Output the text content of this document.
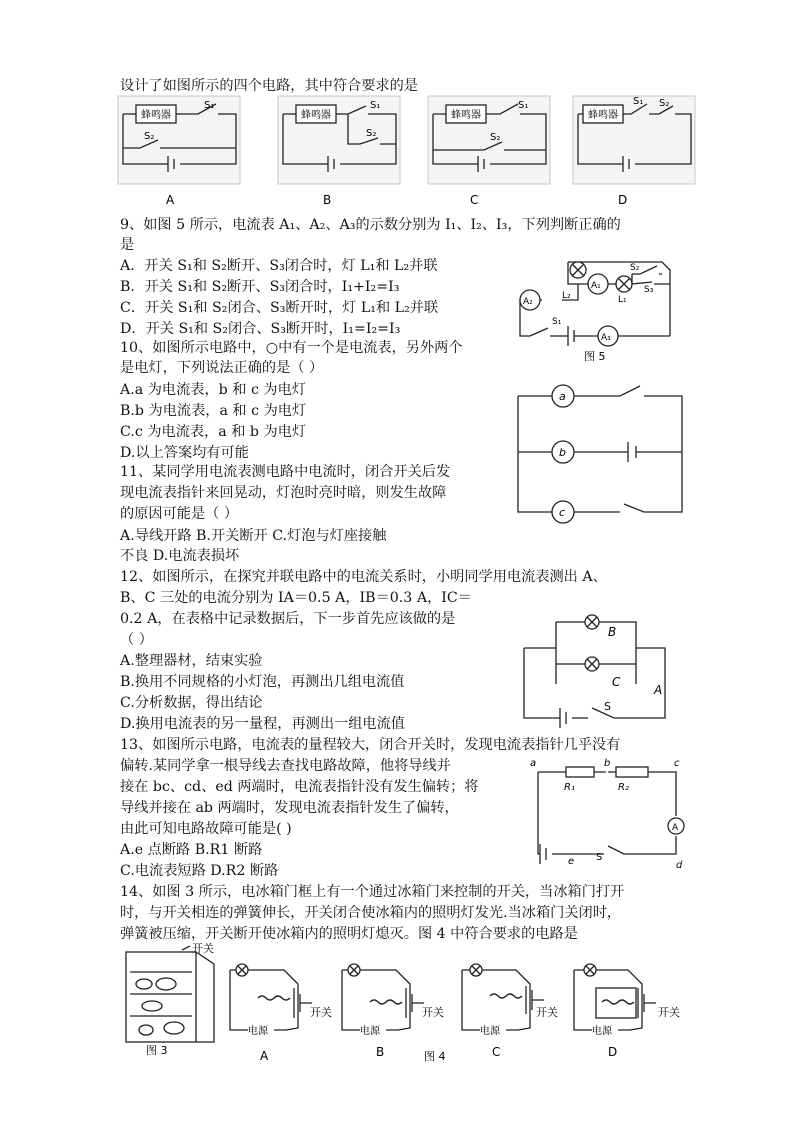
设计了如图所示的四个电路，其中符合要求的是
9、如图 5 所示，电流表 A₁、A₂、A₃的示数分别为 I₁、I₂、I₃，下列判断正确的
是
A．开关 S₁和 S₂断开、S₃闭合时，灯 L₁和 L₂并联
B．开关 S₁和 S₂断开、S₃闭合时，I₁+I₂=I₃
C．开关 S₁和 S₂闭合、S₃断开时，灯 L₁和 L₂并联
D．开关 S₁和 S₂闭合、S₃断开时，I₁=I₂=I₃
10、如图所示电路中，○中有一个是电流表，另外两个
是电灯，下列说法正确的是（ ）
A.a 为电流表，b 和 c 为电灯
B.b 为电流表，a 和 c 为电灯
C.c 为电流表，a 和 b 为电灯
D.以上答案均有可能
11、某同学用电流表测电路中电流时，闭合开关后发
现电流表指针来回晃动，灯泡时亮时暗，则发生故障
的原因可能是（ ）
A.导线开路 B.开关断开 C.灯泡与灯座接触
不良 D.电流表损坏
12、如图所示，在探究并联电路中的电流关系时，小明同学用电流表测出 A、
B、C 三处的电流分别为 IA＝0.5 A，IB＝0.3 A，IC＝
0.2 A，在表格中记录数据后，下一步首先应该做的是
（ ）
A.整理器材，结束实验
B.换用不同规格的小灯泡，再测出几组电流值
C.分析数据，得出结论
D.换用电流表的另一量程，再测出一组电流值
13、如图所示电路，电流表的量程较大，闭合开关时，发现电流表指针几乎没有
偏转.某同学拿一根导线去查找电路故障，他将导线并
接在 bc、cd、ed 两端时，电流表指针没有发生偏转；将
导线并接在 ab 两端时，发现电流表指针发生了偏转，
由此可知电路故障可能是( )
A.e 点断路 B.R1 断路
C.电流表短路 D.R2 断路
14、如图 3 所示，电冰箱门框上有一个通过冰箱门来控制的开关，当冰箱门打开
时，与开关相连的弹簧伸长，开关闭合使冰箱内的照明灯发光.当冰箱门关闭时，
弹簧被压缩，开关断开使冰箱内的照明灯熄灭。图 4 中符合要求的电路是
蜂鸣器
S₁
S₂
A
蜂鸣器
S₁
S₂
B
蜂鸣器
S₁
S₂
C
蜂鸣器
S₁ S₂
D
A₂
L₂
A₁
L₁
S₂
S₃
S₁
A₃
图 5
a
b
c
B
C
A
S
A
a	b	c
R₁	R₂
e S
d
开关
图 3
电源
开关
A
电源
开关
B
电源
开关
C
电源
开关
D
图 4
